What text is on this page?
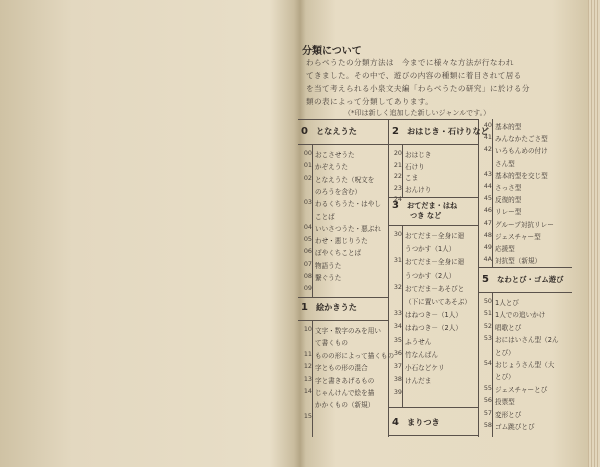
分類について
わらべうたの分類方法は　今までに様々な方法が行なわれ
てきました。その中で、遊びの内容の種類に着目されて居る
を当て考えられる小泉文夫編「わらべうたの研究」に於ける分
類の表によって分類してあります。
（*印は新しく追加した新しいジャンルです。）
0 となえうた
1 絵かきうた
2 おはじき・石けりなど
3 おてだま・はね
つき など
4 まりつき
5 なわとび・ゴム遊び
00 おこさせうた
01 かぞえうた
02 となえうた（呪文を
のろうを含む）
03 わるくちうた・はやし
ことば
04 いいさつうた・悪ぶれ
05 わせ・悪じりうた
06 ぽやくちことば
07 物語うた
08 繋ぐうた
09
10 文字・数字のみを用い
て書くもの
11 ものの形によって描くもの
12 字ともの形の混合
13 字と書きあげるもの
14 じゃんけんで絵を描
かかくもの（新規）
15
20 おはじき
21 石けり
22 こま
23 おんけり
24
30 おてだま－全身に廻
うつかす（1人）
31 おてだま－全身に廻
うつかす（2人）
32 おてだま－あそびと
（下に置いてあそぶ）
33 はねつき－（1人）
34 はねつき－（2人）
35 ふうせん
36 竹なんばん
37 小石などケリ
38 けんだま
39
40 基本的型
41 みんなかたごさ型
42 いろもんめの付け
さん型
43 基本的型を交じ型
44 さっさ型
45 反復的型
46 リレー型
47 グループ対抗リレー
48 ジェスチャー型
49 応援型
4A 対抗型（新規）
50 1人とび
51 1人での追いかけ
52 唱歌とび
53 おにはいさん型（2ん
とび）
54 おじょうさん型（大
とび）
55 ジェスチャーとび
56 投票型
57 変形とび
58 ゴム跳びとび
